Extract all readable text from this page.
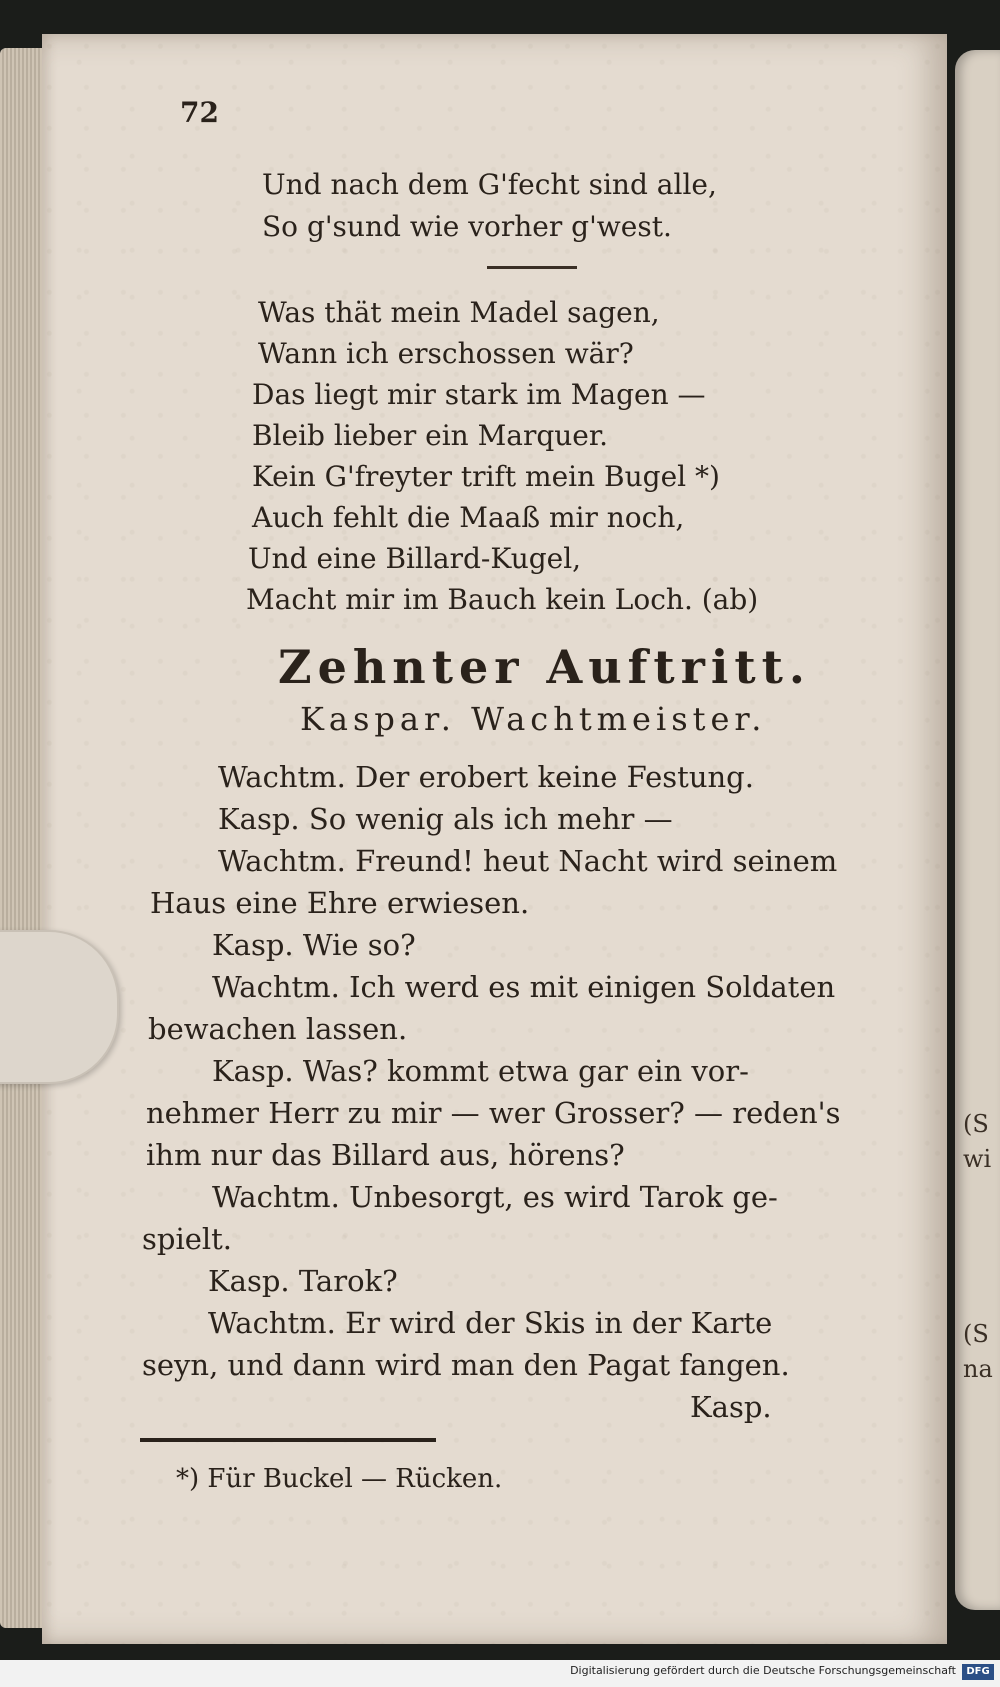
(S
wi
(S
na
72
Und nach dem G'fecht sind alle,
So g'sund wie vorher g'west.
Was thät mein Madel sagen,
Wann ich erschossen wär?
Das liegt mir stark im Magen —
Bleib lieber ein Marquer.
Kein G'freyter trift mein Bugel *)
Auch fehlt die Maaß mir noch,
Und eine Billard-Kugel,
Macht mir im Bauch kein Loch. (ab)
Zehnter Auftritt.
Kaspar. Wachtmeister.
Wachtm. Der erobert keine Festung.
Kasp. So wenig als ich mehr —
Wachtm. Freund! heut Nacht wird seinem
Haus eine Ehre erwiesen.
Kasp. Wie so?
Wachtm. Ich werd es mit einigen Soldaten
bewachen lassen.
Kasp. Was? kommt etwa gar ein vor-
nehmer Herr zu mir — wer Grosser? — reden's
ihm nur das Billard aus, hörens?
Wachtm. Unbesorgt, es wird Tarok ge-
spielt.
Kasp. Tarok?
Wachtm. Er wird der Skis in der Karte
seyn, und dann wird man den Pagat fangen.
Kasp.
*) Für Buckel — Rücken.
Digitalisierung gefördert durch die Deutsche Forschungsgemeinschaft	DFG
